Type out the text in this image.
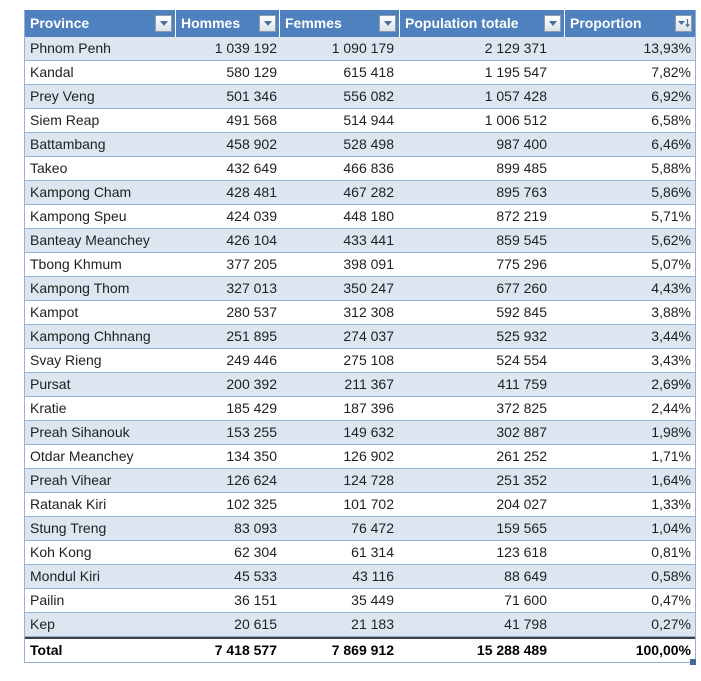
Province	Hommes	Femmes	Population totale	Proportion
Phnom Penh	1 039 192	1 090 179	2 129 371	13,93%
Kandal	580 129	615 418	1 195 547	7,82%
Prey Veng	501 346	556 082	1 057 428	6,92%
Siem Reap	491 568	514 944	1 006 512	6,58%
Battambang	458 902	528 498	987 400	6,46%
Takeo	432 649	466 836	899 485	5,88%
Kampong Cham	428 481	467 282	895 763	5,86%
Kampong Speu	424 039	448 180	872 219	5,71%
Banteay Meanchey	426 104	433 441	859 545	5,62%
Tbong Khmum	377 205	398 091	775 296	5,07%
Kampong Thom	327 013	350 247	677 260	4,43%
Kampot	280 537	312 308	592 845	3,88%
Kampong Chhnang	251 895	274 037	525 932	3,44%
Svay Rieng	249 446	275 108	524 554	3,43%
Pursat	200 392	211 367	411 759	2,69%
Kratie	185 429	187 396	372 825	2,44%
Preah Sihanouk	153 255	149 632	302 887	1,98%
Otdar Meanchey	134 350	126 902	261 252	1,71%
Preah Vihear	126 624	124 728	251 352	1,64%
Ratanak Kiri	102 325	101 702	204 027	1,33%
Stung Treng	83 093	76 472	159 565	1,04%
Koh Kong	62 304	61 314	123 618	0,81%
Mondul Kiri	45 533	43 116	88 649	0,58%
Pailin	36 151	35 449	71 600	0,47%
Kep	20 615	21 183	41 798	0,27%
Total	7 418 577	7 869 912	15 288 489	100,00%
